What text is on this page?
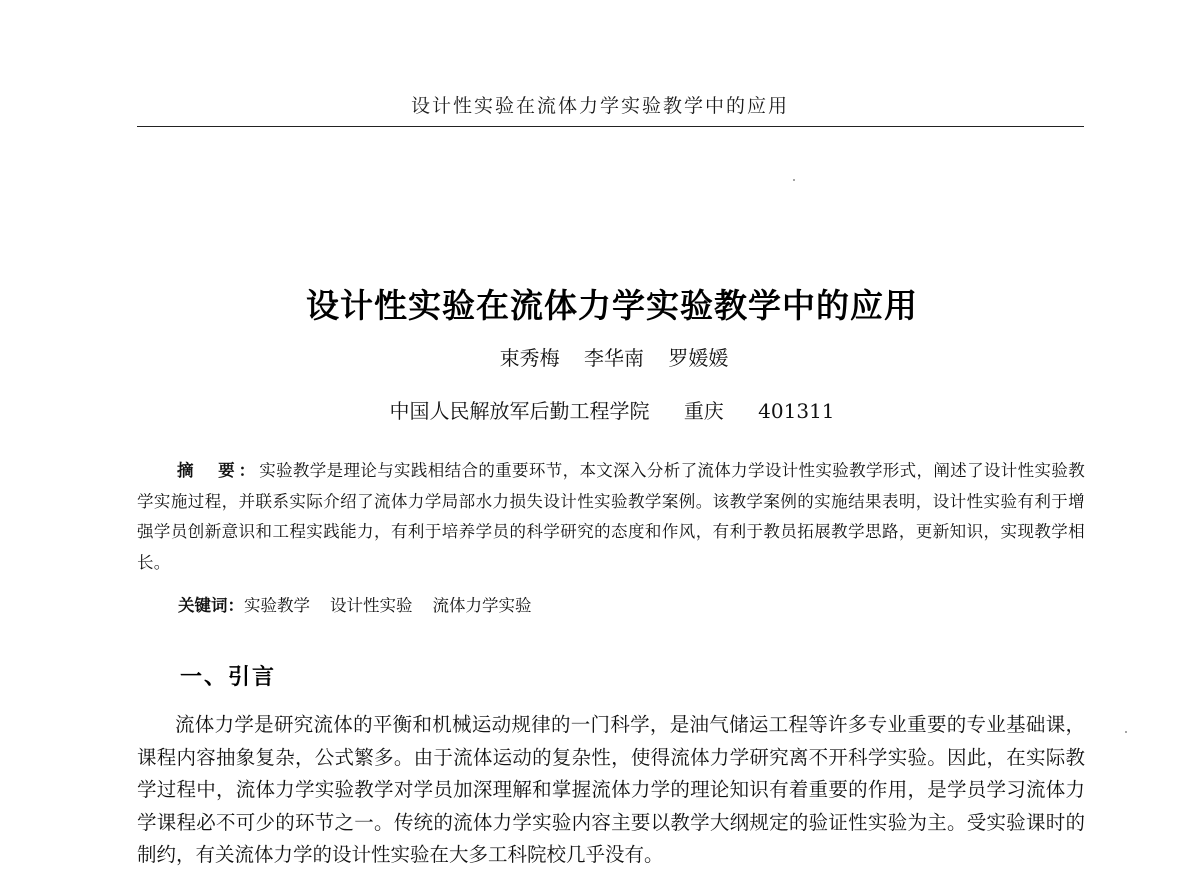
设计性实验在流体力学实验教学中的应用
设计性实验在流体力学实验教学中的应用
束秀梅 李华南 罗媛媛
中国人民解放军后勤工程学院 重庆 401311
摘　要：实验教学是理论与实践相结合的重要环节，本文深入分析了流体力学设计性实验教学形式，阐述了设计性实验教学实施过程，并联系实际介绍了流体力学局部水力损失设计性实验教学案例。该教学案例的实施结果表明，设计性实验有利于增强学员创新意识和工程实践能力，有利于培养学员的科学研究的态度和作风，有利于教员拓展教学思路，更新知识，实现教学相长。
关键词：实验教学 设计性实验 流体力学实验
一、引言
流体力学是研究流体的平衡和机械运动规律的一门科学，是油气储运工程等许多专业重要的专业基础课，课程内容抽象复杂，公式繁多。由于流体运动的复杂性，使得流体力学研究离不开科学实验。因此，在实际教学过程中，流体力学实验教学对学员加深理解和掌握流体力学的理论知识有着重要的作用，是学员学习流体力学课程必不可少的环节之一。传统的流体力学实验内容主要以教学大纲规定的验证性实验为主。受实验课时的制约，有关流体力学的设计性实验在大多工科院校几乎没有。
